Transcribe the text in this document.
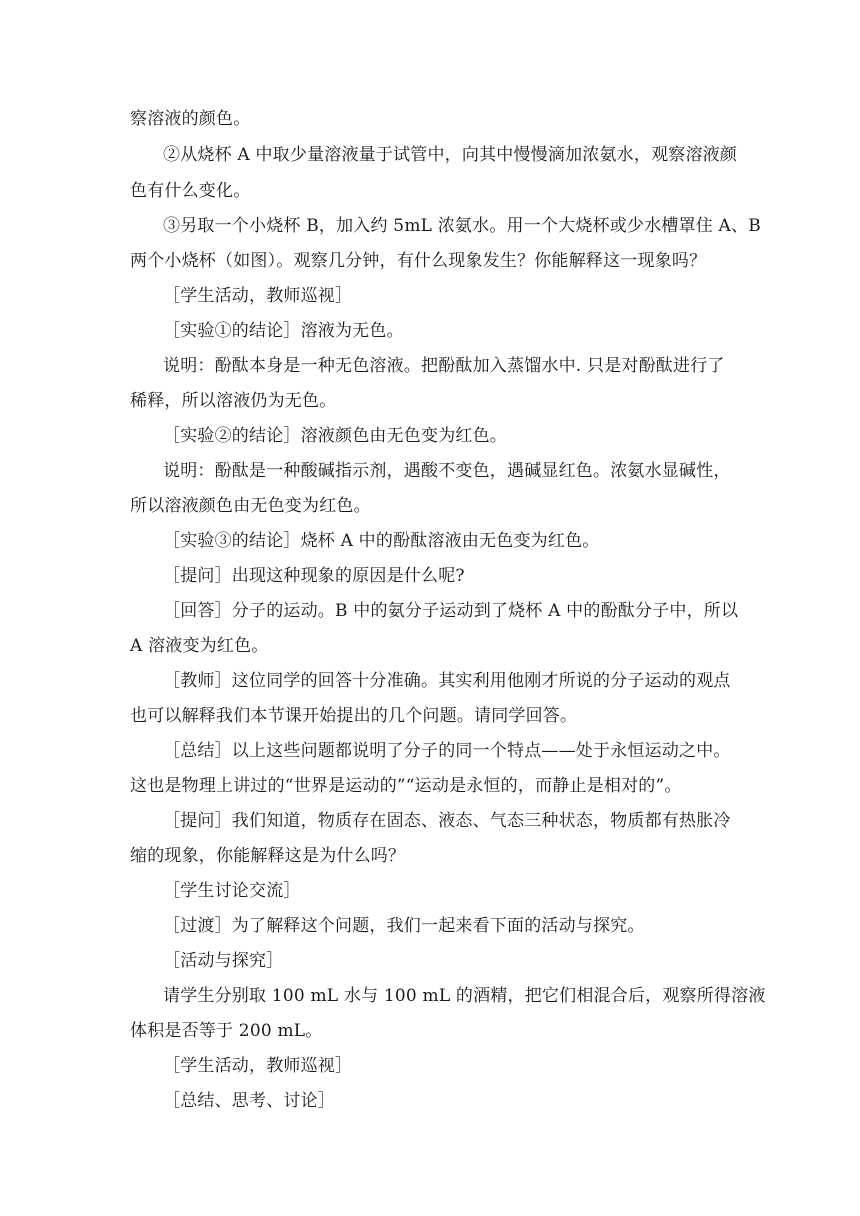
察溶液的颜色。
②从烧杯 A 中取少量溶液量于试管中，向其中慢慢滴加浓氨水，观察溶液颜
色有什么变化。
③另取一个小烧杯 B，加入约 5mL 浓氨水。用一个大烧杯或少水槽罩住 A、B
两个小烧杯（如图）。观察几分钟，有什么现象发生？你能解释这一现象吗？
［学生活动，教师巡视］
［实验①的结论］溶液为无色。
说明：酚酞本身是一种无色溶液。把酚酞加入蒸馏水中. 只是对酚酞进行了
稀释，所以溶液仍为无色。
［实验②的结论］溶液颜色由无色变为红色。
说明：酚酞是一种酸碱指示剂，遇酸不变色，遇碱显红色。浓氨水显碱性，
所以溶液颜色由无色变为红色。
［实验③的结论］烧杯 A 中的酚酞溶液由无色变为红色。
［提问］出现这种现象的原因是什么呢?
［回答］分子的运动。B 中的氨分子运动到了烧杯 A 中的酚酞分子中，所以
A 溶液变为红色。
［教师］这位同学的回答十分准确。其实利用他刚才所说的分子运动的观点
也可以解释我们本节课开始提出的几个问题。请同学回答。
［总结］以上这些问题都说明了分子的同一个特点——处于永恒运动之中。
这也是物理上讲过的“世界是运动的”“运动是永恒的，而静止是相对的”。
［提问］我们知道，物质存在固态、液态、气态三种状态，物质都有热胀冷
缩的现象，你能解释这是为什么吗？
［学生讨论交流］
［过渡］为了解释这个问题，我们一起来看下面的活动与探究。
［活动与探究］
请学生分别取 100 mL 水与 100 mL 的酒精，把它们相混合后，观察所得溶液
体积是否等于 200 mL。
［学生活动，教师巡视］
［总结、思考、讨论］
